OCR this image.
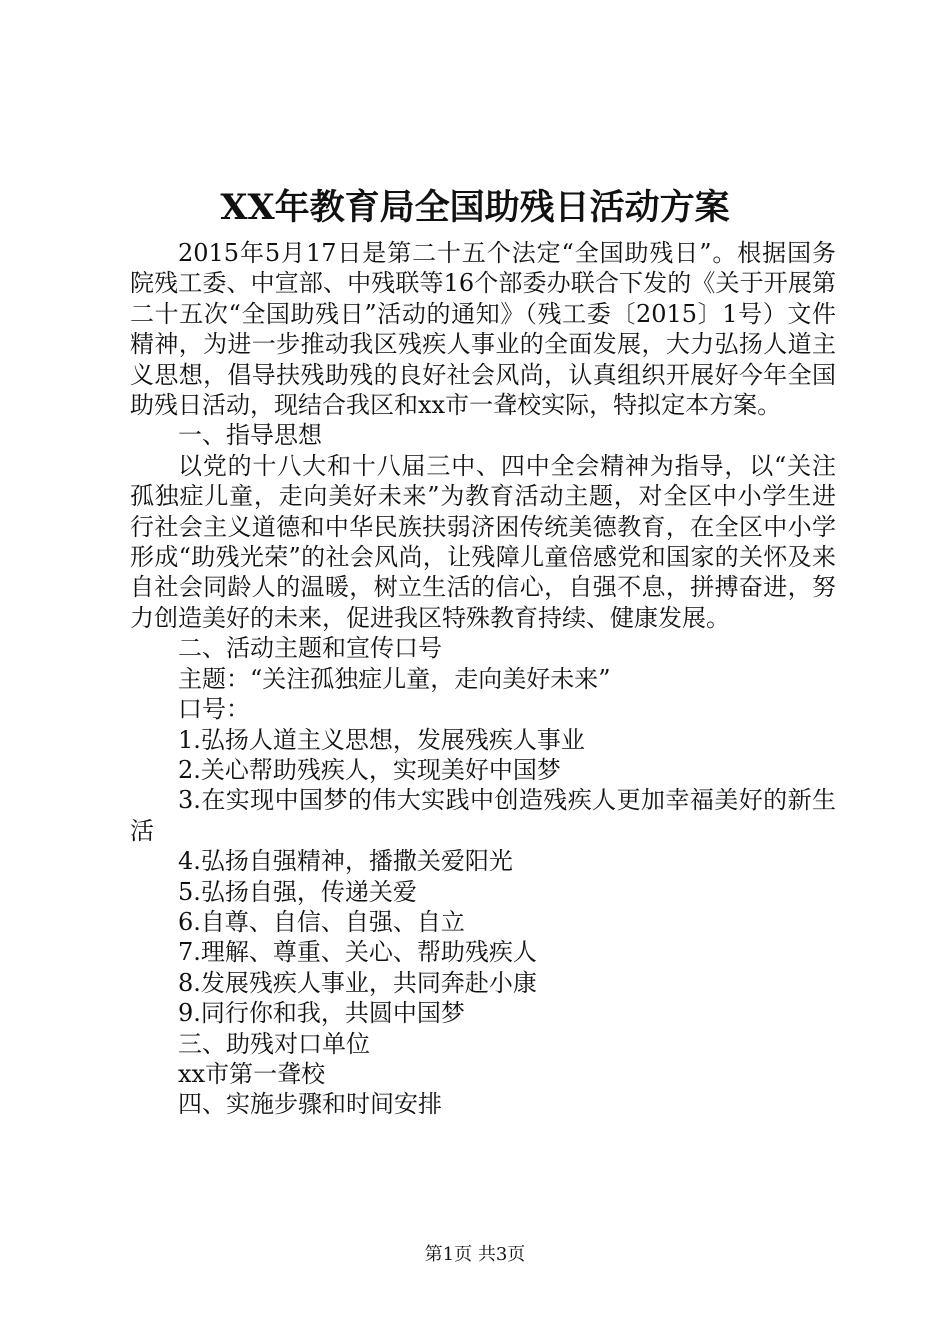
XX年教育局全国助残日活动方案

2015年5月17日是第二十五个法定“全国助残日”。根据国务院残工委、中宣部、中残联等16个部委办联合下发的《关于开展第二十五次“全国助残日”活动的通知》（残工委〔2015〕1号）文件精神，为进一步推动我区残疾人事业的全面发展，大力弘扬人道主义思想，倡导扶残助残的良好社会风尚，认真组织开展好今年全国助残日活动，现结合我区和xx市一聋校实际，特拟定本方案。

一、指导思想

以党的十八大和十八届三中、四中全会精神为指导，以“关注孤独症儿童，走向美好未来”为教育活动主题，对全区中小学生进行社会主义道德和中华民族扶弱济困传统美德教育，在全区中小学形成“助残光荣”的社会风尚，让残障儿童倍感党和国家的关怀及来自社会同龄人的温暖，树立生活的信心，自强不息，拼搏奋进，努力创造美好的未来，促进我区特殊教育持续、健康发展。

二、活动主题和宣传口号

主题：“关注孤独症儿童，走向美好未来”

口号：

1.弘扬人道主义思想，发展残疾人事业

2.关心帮助残疾人，实现美好中国梦

3.在实现中国梦的伟大实践中创造残疾人更加幸福美好的新生活

4.弘扬自强精神，播撒关爱阳光

5.弘扬自强，传递关爱

6.自尊、自信、自强、自立

7.理解、尊重、关心、帮助残疾人

8.发展残疾人事业，共同奔赴小康

9.同行你和我，共圆中国梦

三、助残对口单位

xx市第一聋校

四、实施步骤和时间安排

第1页 共3页
